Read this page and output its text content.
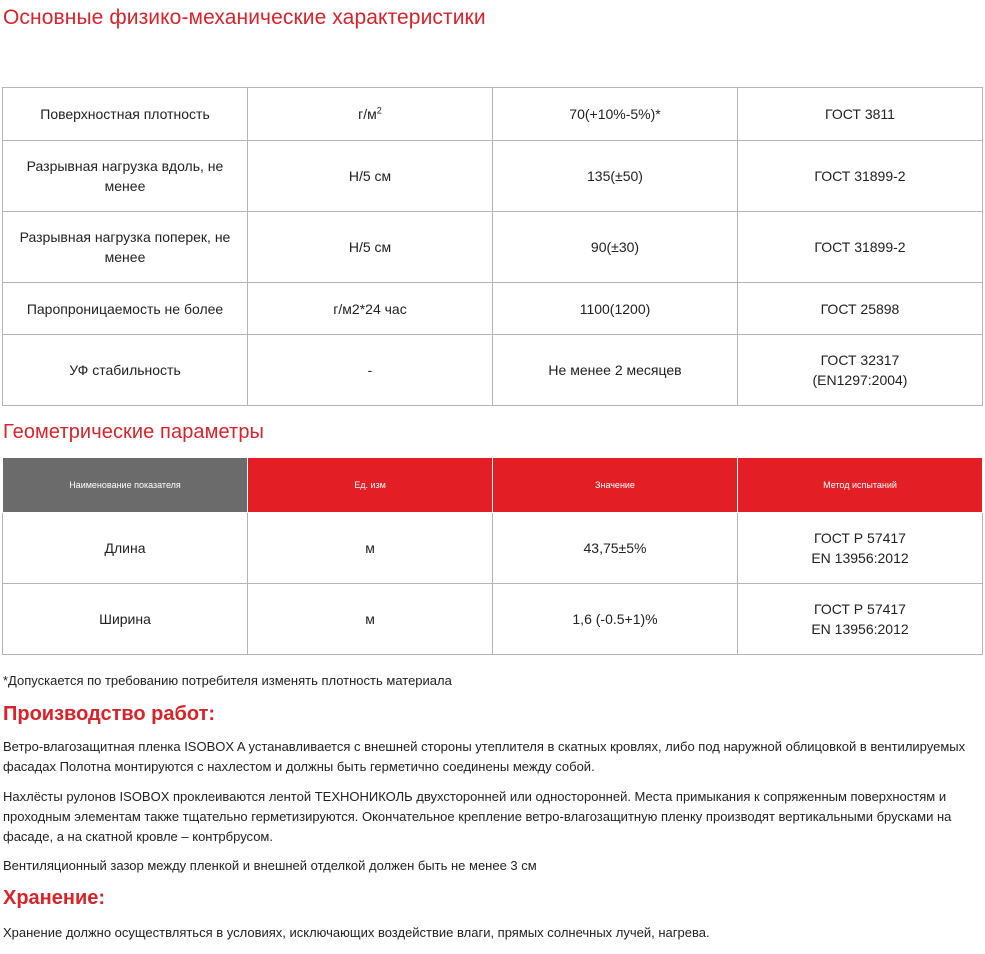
Основные физико-механические характеристики
Поверхностная плотность	$г/м^2$	70(+10%-5%)*	ГОСТ 3811
Разрывная нагрузка вдоль, не менее	Н/5 см	135(±50)	ГОСТ 31899-2
Разрывная нагрузка поперек, не менее	Н/5 см	90(±30)	ГОСТ 31899-2
Паропроницаемость не более	г/м2*24 час	1100(1200)	ГОСТ 25898
УФ стабильность	-	Не менее 2 месяцев	ГОСТ 32317
(EN1297:2004)
Геометрические параметры
Наименование показателя	Ед. изм	Значение	Метод испытаний
Длина	м	43,75±5%	ГОСТ Р 57417
EN 13956:2012
Ширина	м	1,6 (-0.5+1)%	ГОСТ Р 57417
EN 13956:2012

*Допускается по требованию потребителя изменять плотность материала

Производство работ:

Ветро-влагозащитная пленка ISOBOX A устанавливается с внешней стороны утеплителя в скатных кровлях, либо под наружной облицовкой в вентилируемых фасадах Полотна монтируются с нахлестом и должны быть герметично соединены между собой.

Нахлёсты рулонов ISOBOX проклеиваются лентой ТЕХНОНИКОЛЬ двухсторонней или односторонней. Места примыкания к сопряженным поверхностям и проходным элементам также тщательно герметизируются. Окончательное крепление ветро-влагозащитную пленку производят вертикальными брусками на фасаде, а на скатной кровле – контрбрусом.

Вентиляционный зазор между пленкой и внешней отделкой должен быть не менее 3 см

Хранение:

Хранение должно осуществляться в условиях, исключающих воздействие влаги, прямых солнечных лучей, нагрева.
